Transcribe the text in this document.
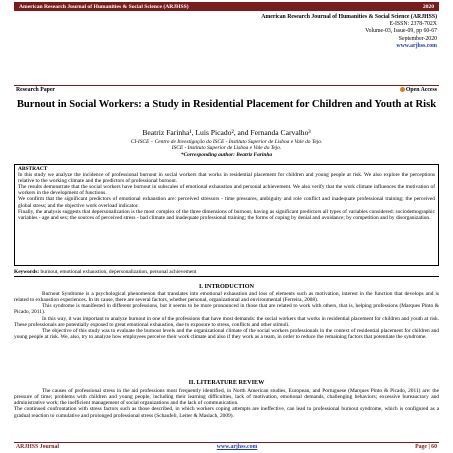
American Research Journal of Humanities & Social Science (ARJHSS)	2020
American Research Journal of Humanities & Social Science (ARJHSS)
E-ISSN: 2378-702X
Volume-03, Issue-09, pp 60-67
September-2020
www.arjhss.com
Research Paper	Open Access
Burnout in Social Workers: a Study in Residential Placement for Children and Youth at Risk
Beatriz Farinha¹, Luis Picado², and Fernanda Carvalho³
CI-ISCE – Centro de Investigação do ISCE - Instituto Superior de Lisboa e Vale do Tejo.
ISCE - Instituto Superior de Lisboa e Vale do Tejo.
*Corresponding author: Beatriz Farinha
ABSTRACT

In this study we analyze the incidence of professional burnout in social workers that works in residential placement for children and young people at risk. We also explore the perceptions relative to the working climate and the predictors of professional burnout.

The results demonstrate that the social workers have burnout in subscales of emotional exhaustion and personal achievement. We also verify that the work climate influences the motivation of workers in the development of functions.

We confirm that the significant predictors of emotional exhaustion are: perceived stressors - time pressures, ambiguity and role conflict and inadequate professional training; the perceived global stress; and the objective work overload indicator.

Finally, the analysis suggests that depersonalization is the most complex of the three dimensions of burnout, having as significant predictors all types of variables considered: sociodemographic variables - age and sex; the sources of perceived stress - bad climate and inadequate professional training; the forms of coping by denial and avoidance; by competition and by disorganization.

Keywords: burnout, emotional exhaustion, depersonalization, personal achievement
I. INTRODUCTION

Burnout Syndrome is a psychological phenomenon that translates into emotional exhaustion and loss of elements such as motivation, interest in the function that develops and is related to exhaustion experiences. In its cause, there are several factors, whether personal, organizational and environmental (Ferreira, 2008).

This syndrome is manifested in different professions, but it seems to be more pronounced in those that are related to work with others, that is, helping professions (Marques Pinto & Picado, 2011).

In this way, it was important to analyze burnout in one of the professions that have most demands: the social workers that works in residential placement for children and youth at risk. These professionals are potentially exposed to great emotional exhaustion, due to exposure to stress, conflicts and other stimuli.

The objective of this study was to evaluate the burnout levels and the organizational climate of the social workers professionals in the context of residential placement for children and young people at risk. We, also, try to analyze how employees perceive their work climate and also if they work as a team, in order to reduce the remaining factors that potentiate the syndrome.

II. LITERATURE REVIEW

The causes of professional stress in the aid professions most frequently identified, in North American studies, European, and Portuguese (Marques Pinto & Picado, 2011) are: the pressure of time; problems with children and young people, including their learning difficulties, lack of motivation, emotional demands, challenging behaviors; excessive bureaucracy and administrative work; the inefficient management of social organizations and the lack of communication.

The continued confrontation with stress factors such as those described, in which workers coping attempts are ineffective, can lead to professional burnout syndrome, which is configured as a gradual reaction to cumulative and prolonged professional stress (Schaufeli, Leiter & Maslach, 2009).

ARJHSS Journal	www.arjhss.com	Page | 60
